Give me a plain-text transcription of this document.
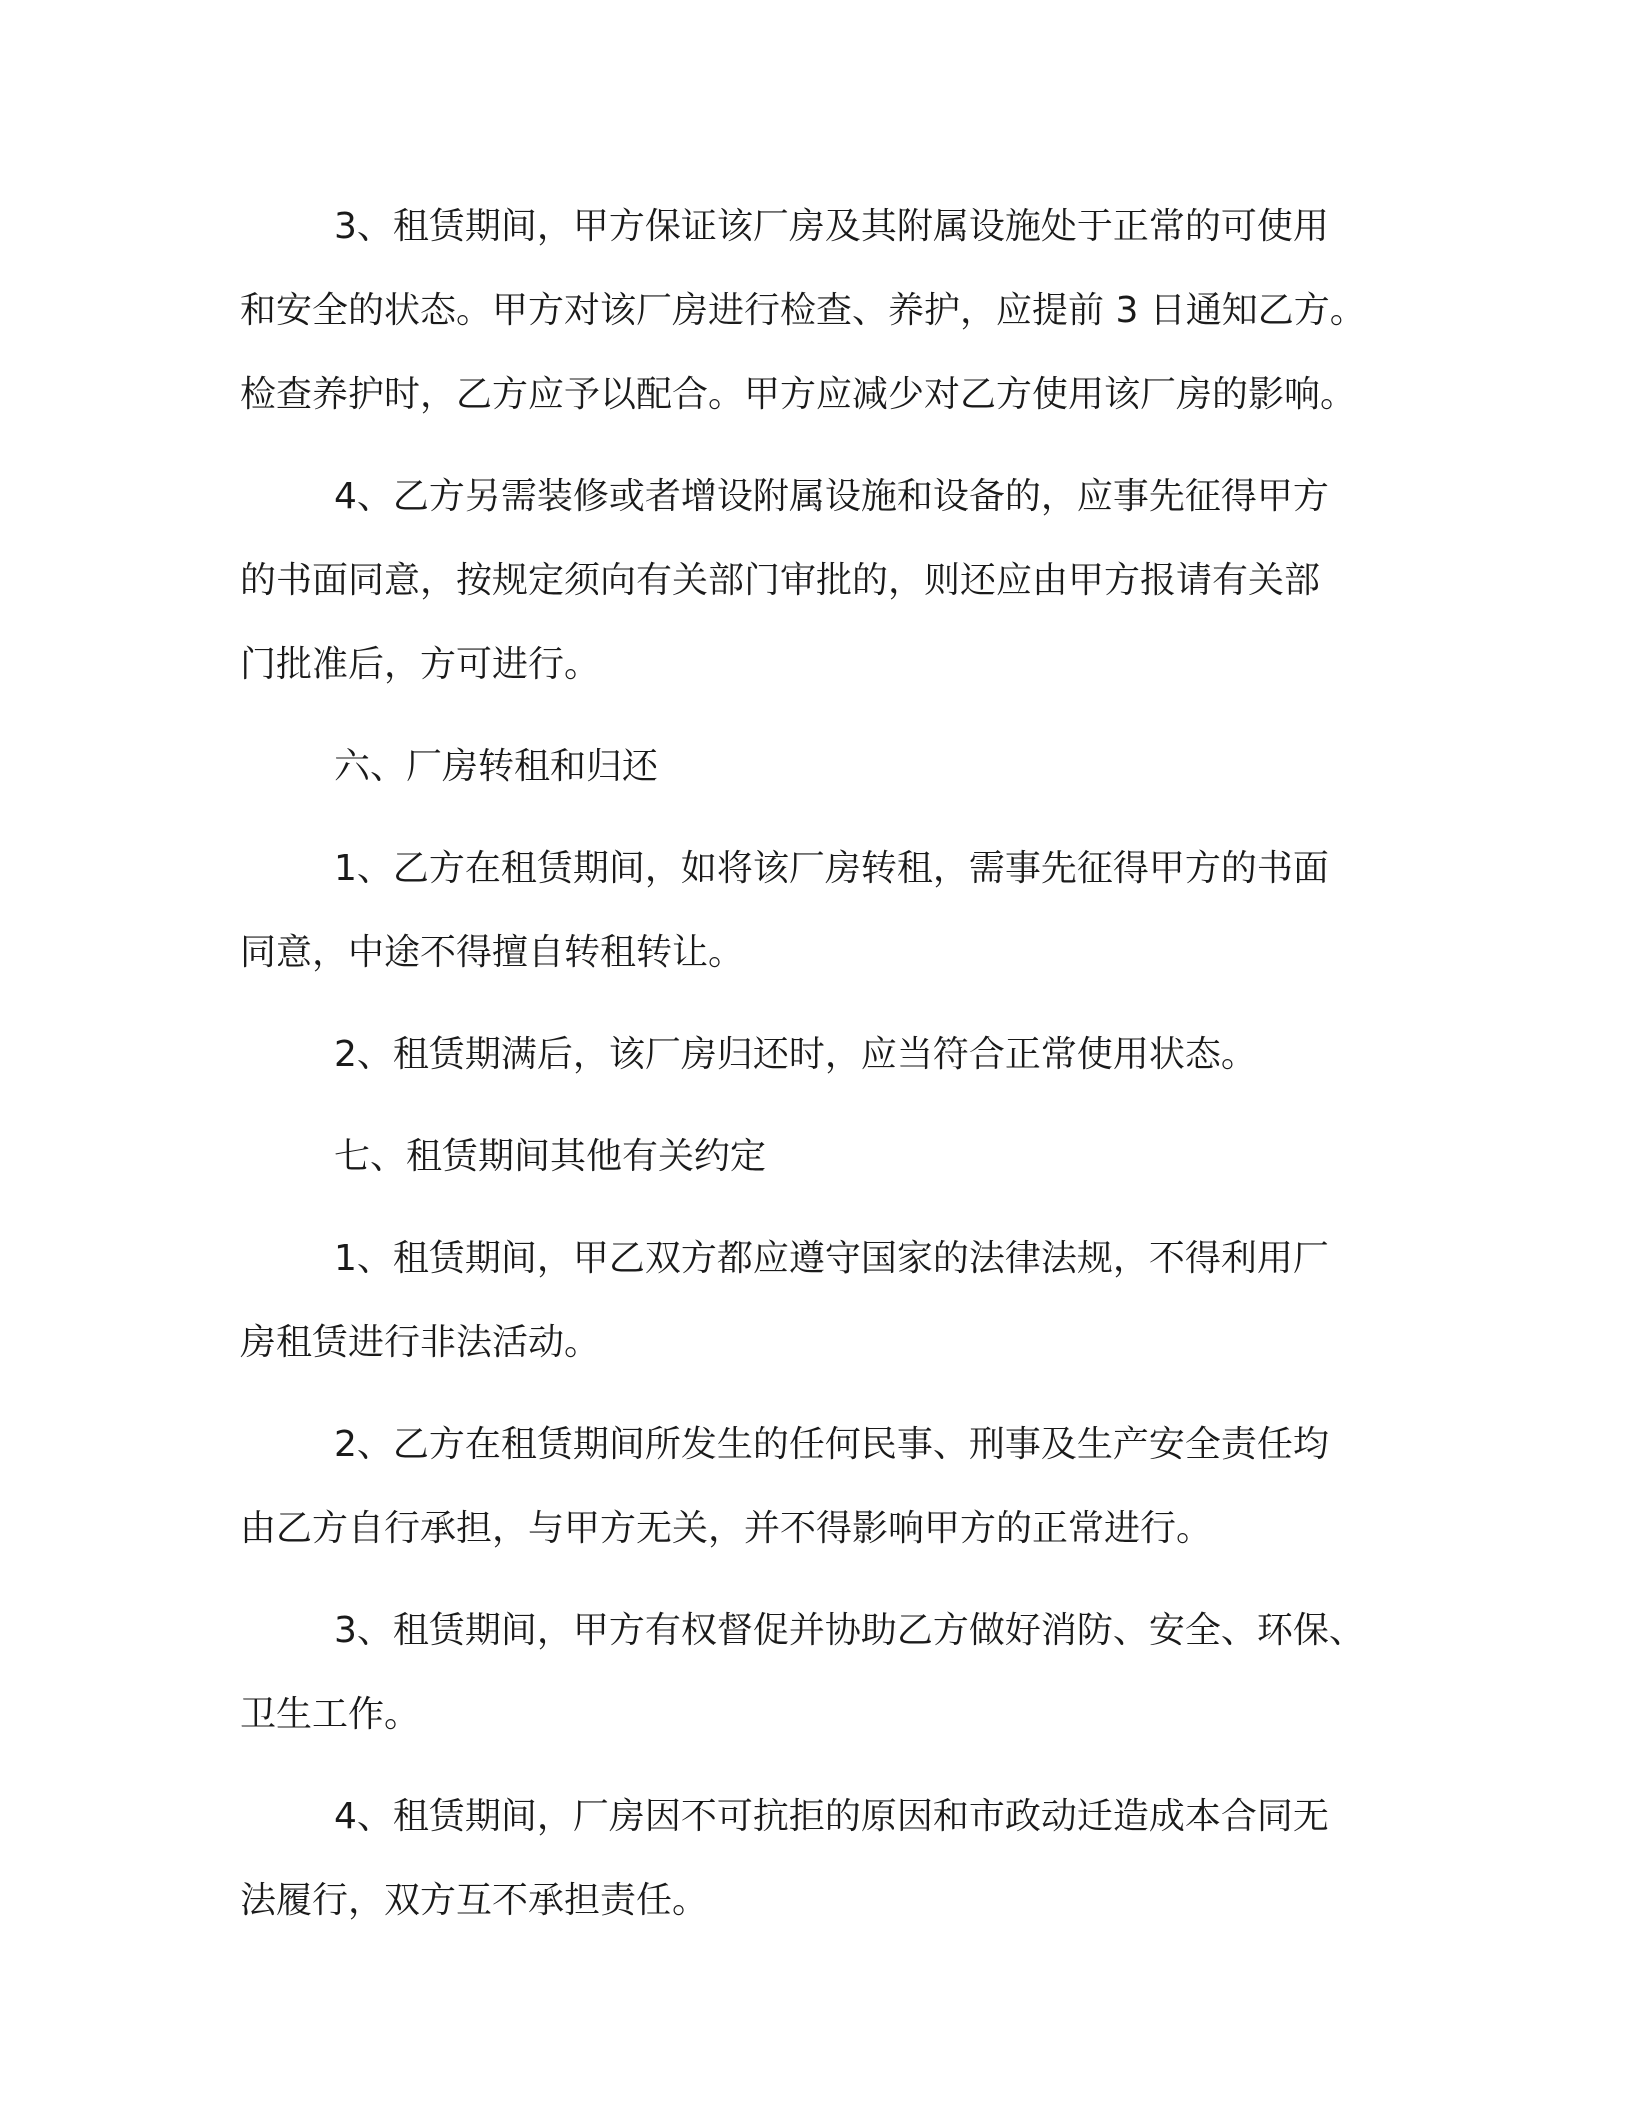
3、租赁期间，甲方保证该厂房及其附属设施处于正常的可使用
和安全的状态。甲方对该厂房进行检查、养护，应提前 3 日通知乙方。
检查养护时，乙方应予以配合。甲方应减少对乙方使用该厂房的影响。

4、乙方另需装修或者增设附属设施和设备的，应事先征得甲方
的书面同意，按规定须向有关部门审批的，则还应由甲方报请有关部
门批准后，方可进行。

六、厂房转租和归还

1、乙方在租赁期间，如将该厂房转租，需事先征得甲方的书面
同意，中途不得擅自转租转让。

2、租赁期满后，该厂房归还时，应当符合正常使用状态。

七、租赁期间其他有关约定

1、租赁期间，甲乙双方都应遵守国家的法律法规，不得利用厂
房租赁进行非法活动。

2、乙方在租赁期间所发生的任何民事、刑事及生产安全责任均
由乙方自行承担，与甲方无关，并不得影响甲方的正常进行。

3、租赁期间，甲方有权督促并协助乙方做好消防、安全、环保、
卫生工作。

4、租赁期间，厂房因不可抗拒的原因和市政动迁造成本合同无
法履行，双方互不承担责任。
